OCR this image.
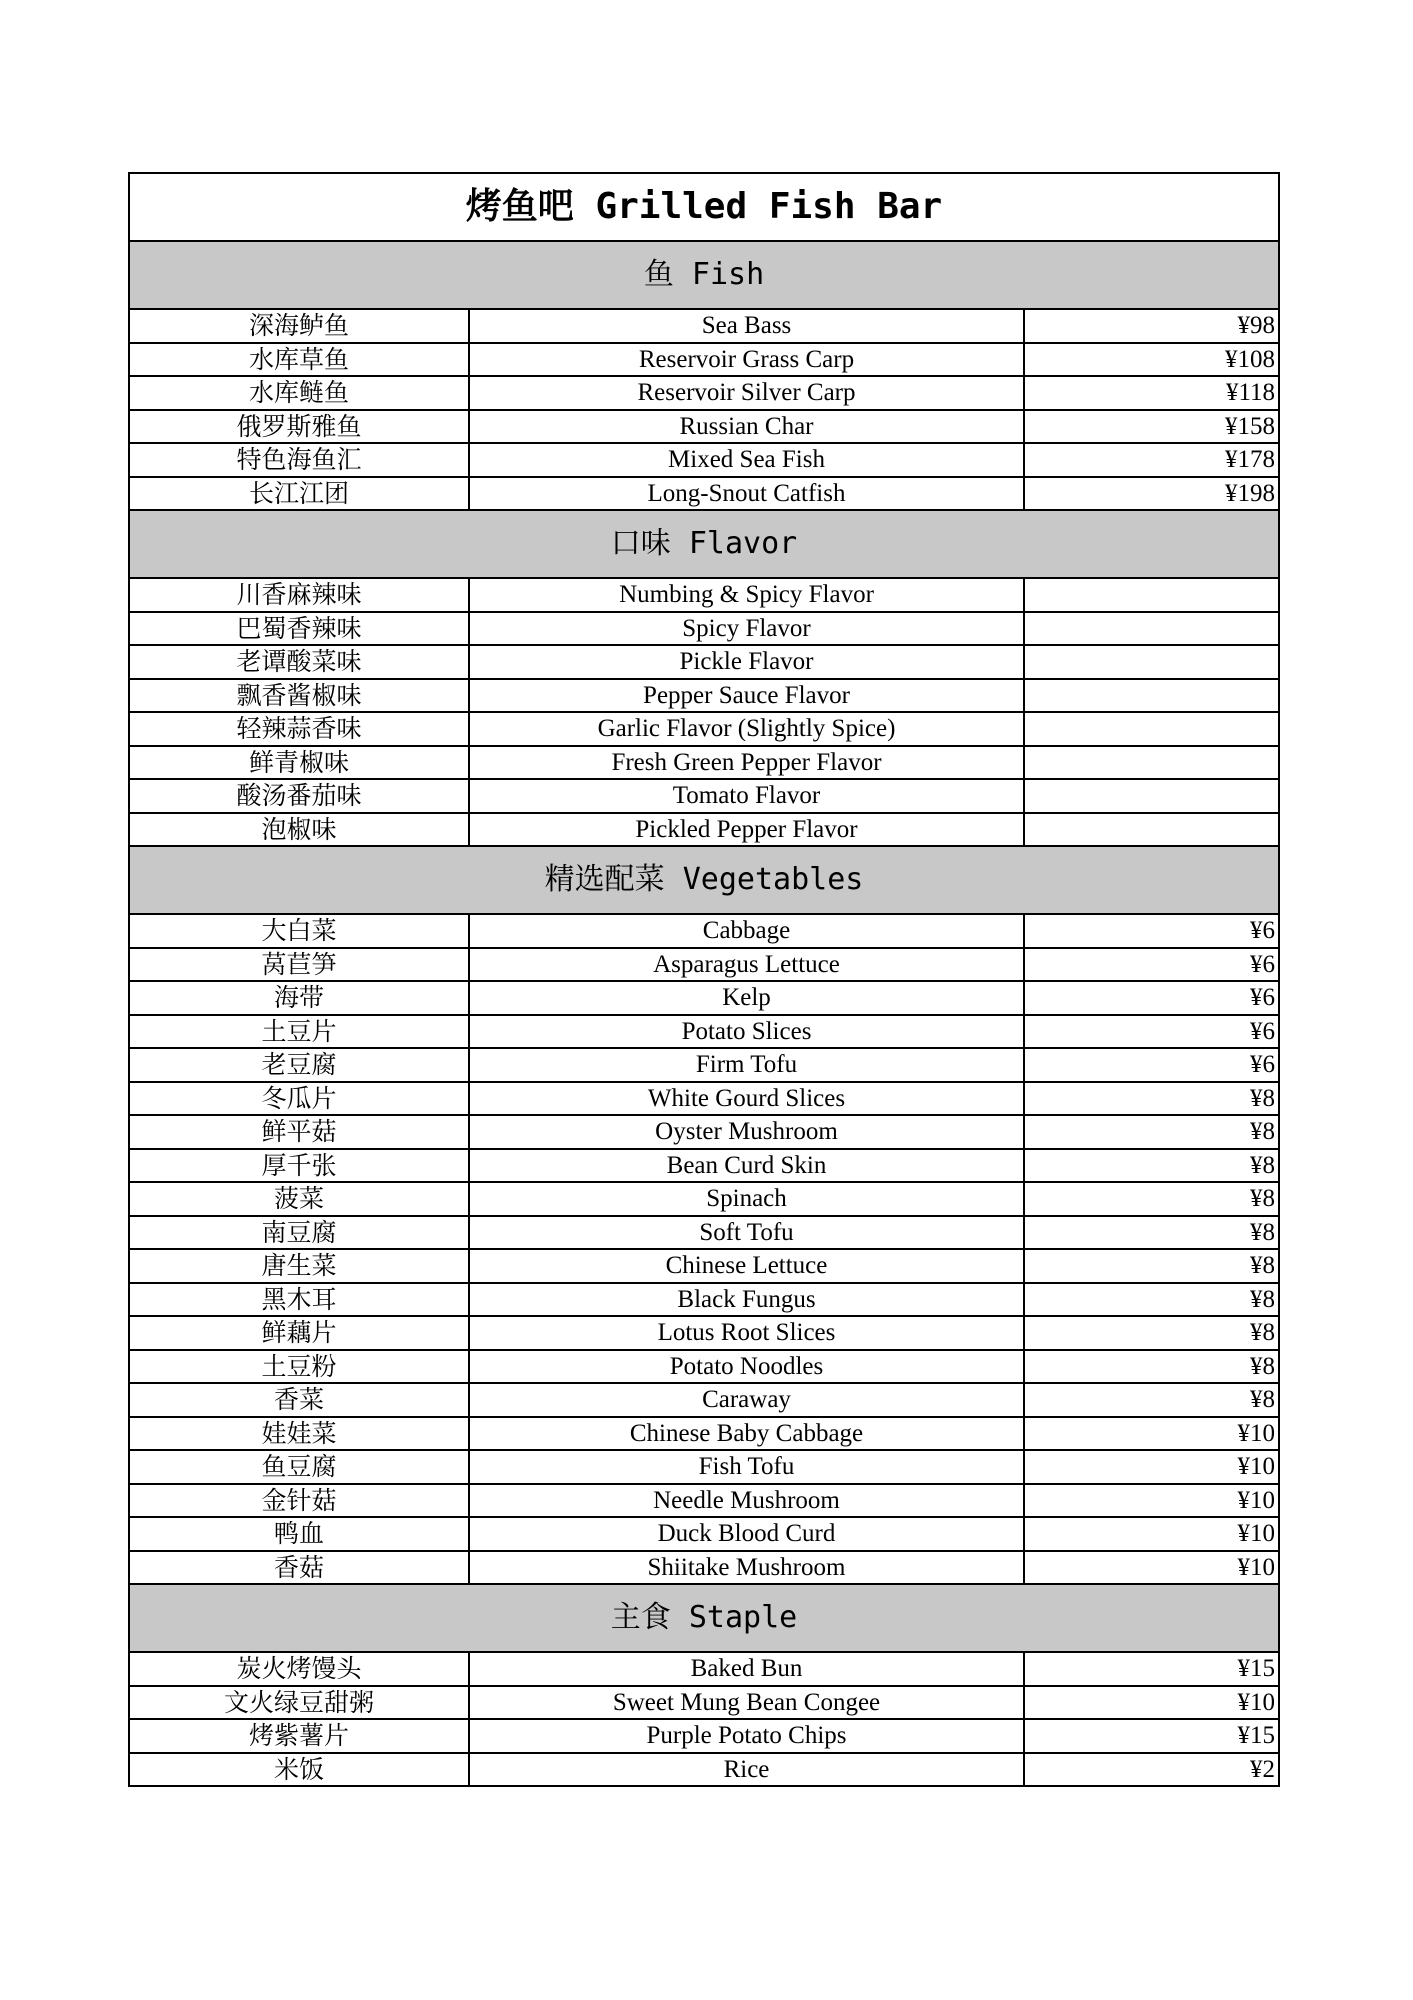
烤鱼吧 Grilled Fish Bar		
鱼 Fish		
深海鲈鱼	Sea Bass	¥98
水库草鱼	Reservoir Grass Carp	¥108
水库鲢鱼	Reservoir Silver Carp	¥118
俄罗斯雅鱼	Russian Char	¥158
特色海鱼汇	Mixed Sea Fish	¥178
长江江团	Long-Snout Catfish	¥198
口味 Flavor		
川香麻辣味	Numbing & Spicy Flavor	
巴蜀香辣味	Spicy Flavor	
老谭酸菜味	Pickle Flavor	
飘香酱椒味	Pepper Sauce Flavor	
轻辣蒜香味	Garlic Flavor (Slightly Spice)	
鲜青椒味	Fresh Green Pepper Flavor	
酸汤番茄味	Tomato Flavor	
泡椒味	Pickled Pepper Flavor	
精选配菜 Vegetables		
大白菜	Cabbage	¥6
莴苣笋	Asparagus Lettuce	¥6
海带	Kelp	¥6
土豆片	Potato Slices	¥6
老豆腐	Firm Tofu	¥6
冬瓜片	White Gourd Slices	¥8
鲜平菇	Oyster Mushroom	¥8
厚千张	Bean Curd Skin	¥8
菠菜	Spinach	¥8
南豆腐	Soft Tofu	¥8
唐生菜	Chinese Lettuce	¥8
黑木耳	Black Fungus	¥8
鲜藕片	Lotus Root Slices	¥8
土豆粉	Potato Noodles	¥8
香菜	Caraway	¥8
娃娃菜	Chinese Baby Cabbage	¥10
鱼豆腐	Fish Tofu	¥10
金针菇	Needle Mushroom	¥10
鸭血	Duck Blood Curd	¥10
香菇	Shiitake Mushroom	¥10
主食 Staple		
炭火烤馒头	Baked Bun	¥15
文火绿豆甜粥	Sweet Mung Bean Congee	¥10
烤紫薯片	Purple Potato Chips	¥15
米饭	Rice	¥2
